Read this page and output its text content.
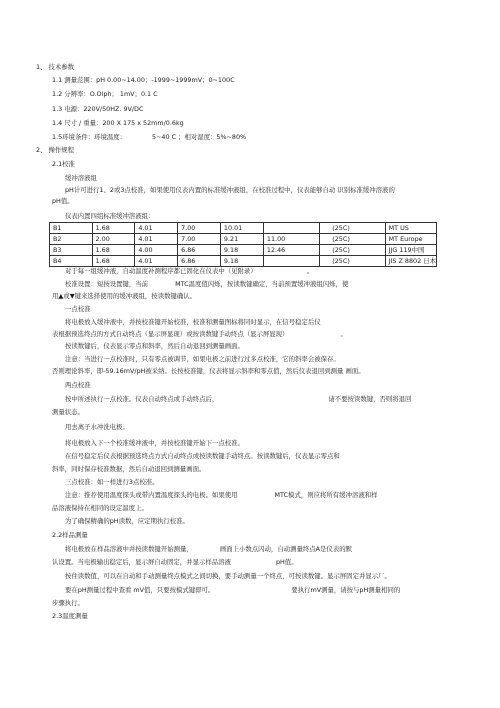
1、 技术参数
1.1 测量范围：pH 0.00~14.00；-1999~1999mV；0~100C
1.2 分辨率：O.Olph； 1mV；0.1 C
1.3 电源：220V/50HZ. 9V/DC
1.4 尺寸 / 重量：200 X 175 x 52mm/0.6kg
1.5环境条件：环境温度：	5~40 C ；相对湿度：5%~80%
2、 操作规程
2.1校准
缓冲溶液组
pH计可进行1、2或3点校准，如果使用仪表内置的标准缓冲液组，在校准过程中，仪表能够自动 识别标准缓冲溶液的
pH值。
仪表内置四组标准缓冲溶液组：
B1	1.68	4.01	7.00	10.01		(25C)	MT US
B2	2.00	4.01	7.00	9.21	11.00	(25C)	MT Europe
B3	1.68	4.00	6.86	9.18	12.46	(25C)	JJG 119中国
B4	1.68	4.01	6.86	9.18		(25C)	JIS Z 8802 日本
对于每一组缓冲液，自动温度补测程序都已固化在仪表中（见附录）	。
校准设置：短按设置键，当前	MTC温度值闪烁，按读数键确定，当前预置缓冲液组闪烁，使
用▲或▼键来选择使用的缓冲液组，按读数键确认。
一点校准
将电极放入缓冲液中，并按校准键开始校准，校准和测量图标将同时显示，在信号稳定后仪
表根据预选终点的方式自动终点（显示屏显现）或按读数键手动终点（显示屏显现）	。
按读数键后，仪表显示零点和斜率，然后自动退回到测量画面。
注意：当进行一点校准时，只有零点被调节，如果电极之前进行过多点校准，它的斜率会被保存。
否则理论斜率，即-59.16mV/pH被采纳。长按校准键，仪表将显示斜率和零点值，然后仪表退回到测量 画面。
两点校准
按中所述执行一点校准。仪表自动终点或手动终点后，	请不要按读数键，否则将退回
测量状态。
用去离子水冲洗电极。
将电极放入下一个校准缓冲液中，并按校准键开始下一点校准。
在信号稳定后仪表根据预选终点方式自动终点或按读数键手动终点。按读数键后，仪表显示零点和
斜率，同时保存校准数据，然后自动退回到测量画面。
三点校准：如一样进行3点校准。
注意：推荐使用温度探头或带内置温度探头的电极。如果使用	MTC模式，则应将所有缓冲溶液和样
品溶液保持在相同的设定温度上。
为了确保精确的pH读数，应定期执行校准。
2.2样品测量
将电极放在样品溶液中并按读数键开始测量，	画面上小数点闪动，自动测量终点A是仪表的默
认设置。当电极输出稳定后，显示屏自动固定，并显示样品溶液	pH值。
按住读数值，可以在自动和手动测量终点模式之间切换，要手动测量一个终点，可按读数键。显示屏固定并显示厂。
要在pH测量过程中查看 mV值，只要按模式键即可。	要执行mV测量，请按与pH测量相同的
步骤执行。
2.3温度测量
